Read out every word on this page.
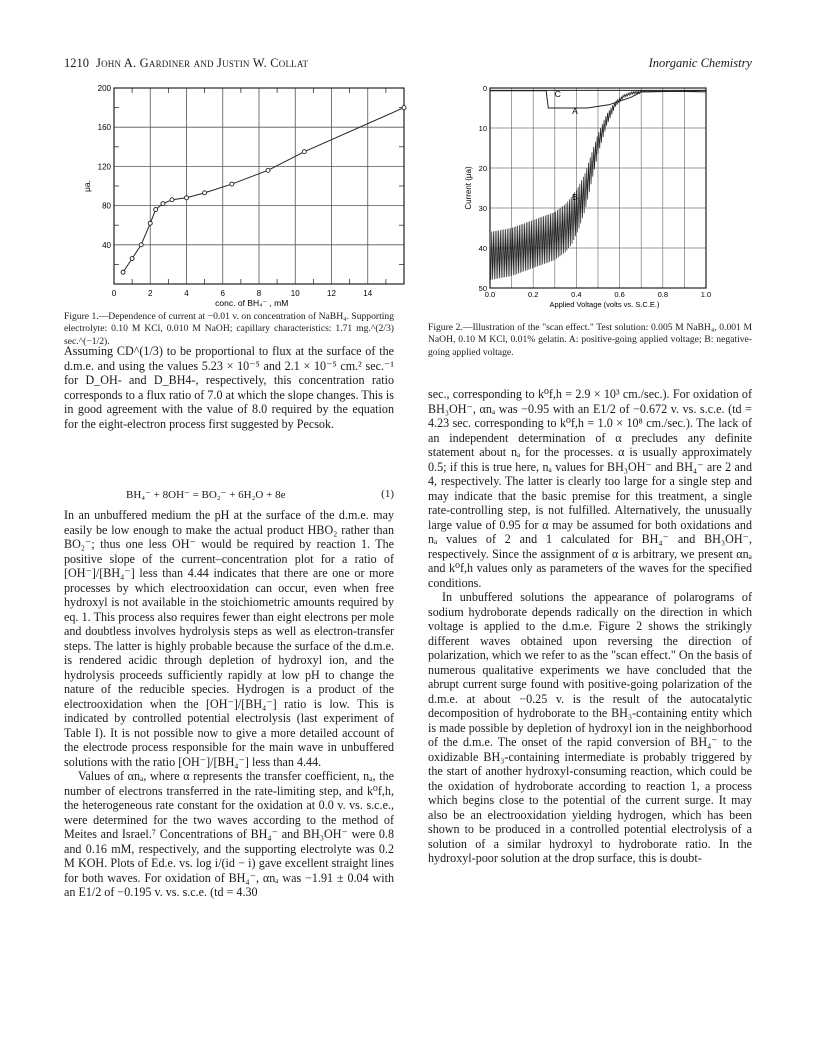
1210 John A. Gardiner and Justin W. Collat	Inorganic Chemistry
0	2	4	6	8	10	12	14
40
80
120
160
200
conc. of BH₄⁻ , mM
μa.
0.0	0.2	0.4	0.6	0.8	1.0
0
10
20
30
40
50
Applied Voltage (volts vs. S.C.E.)
Current (μa)
C
A
B
Figure 1.—Dependence of current at −0.01 v. on concentration of NaBH₄. Supporting electrolyte: 0.10 M KCl, 0.010 M NaOH; capillary characteristics: 1.71 mg.^(2/3) sec.^(−1/2).
Figure 2.—Illustration of the "scan effect." Test solution: 0.005 M NaBH₄, 0.001 M NaOH, 0.10 M KCl, 0.01% gelatin. A: positive-going applied voltage; B: negative-going applied voltage.

Assuming CD^(1/3) to be proportional to flux at the surface of the d.m.e. and using the values 5.23 × 10⁻⁵ and 2.1 × 10⁻⁵ cm.² sec.⁻¹ for D_OH- and D_BH4-, respectively, this concentration ratio corresponds to a flux ratio of 7.0 at which the slope changes. This is in good agreement with the value of 8.0 required by the equation for the eight-electron process first suggested by Pecsok.

BH₄⁻ + 8OH⁻ = BO₂⁻ + 6H₂O + 8e	(1)

In an unbuffered medium the pH at the surface of the d.m.e. may easily be low enough to make the actual product HBO₂ rather than BO₂⁻; thus one less OH⁻ would be required by reaction 1. The positive slope of the current–concentration plot for a ratio of [OH⁻]/[BH₄⁻] less than 4.44 indicates that there are one or more processes by which electrooxidation can occur, even when free hydroxyl is not available in the stoichiometric amounts required by eq. 1. This process also requires fewer than eight electrons per mole and doubtless involves hydrolysis steps as well as electron-transfer steps. The latter is highly probable because the surface of the d.m.e. is rendered acidic through depletion of hydroxyl ion, and the hydrolysis proceeds sufficiently rapidly at low pH to change the nature of the reducible species. Hydrogen is a product of the electrooxidation when the [OH⁻]/[BH₄⁻] ratio is low. This is indicated by controlled potential electrolysis (last experiment of Table I). It is not possible now to give a more detailed account of the electrode process responsible for the main wave in unbuffered solutions with the ratio [OH⁻]/[BH₄⁻] less than 4.44.

Values of αnₐ, where α represents the transfer coefficient, nₐ, the number of electrons transferred in the rate-limiting step, and k⁰f,h, the heterogeneous rate constant for the oxidation at 0.0 v. vs. s.c.e., were determined for the two waves according to the method of Meites and Israel.⁷ Concentrations of BH₄⁻ and BH₃OH⁻ were 0.8 and 0.16 mM, respectively, and the supporting electrolyte was 0.2 M KOH. Plots of Ed.e. vs. log i/(id − i) gave excellent straight lines for both waves. For oxidation of BH₄⁻, αnₐ was −1.91 ± 0.04 with an E1/2 of −0.195 v. vs. s.c.e. (td = 4.30

sec., corresponding to k⁰f,h = 2.9 × 10³ cm./sec.). For oxidation of BH₃OH⁻, αnₐ was −0.95 with an E1/2 of −0.672 v. vs. s.c.e. (td = 4.23 sec. corresponding to k⁰f,h = 1.0 × 10⁸ cm./sec.). The lack of an independent determination of α precludes any definite statement about nₐ for the processes. α is usually approximately 0.5; if this is true here, nₐ values for BH₃OH⁻ and BH₄⁻ are 2 and 4, respectively. The latter is clearly too large for a single step and may indicate that the basic premise for this treatment, a single rate-controlling step, is not fulfilled. Alternatively, the unusually large value of 0.95 for α may be assumed for both oxidations and nₐ values of 2 and 1 calculated for BH₄⁻ and BH₃OH⁻, respectively. Since the assignment of α is arbitrary, we present αnₐ and k⁰f,h values only as parameters of the waves for the specified conditions.

In unbuffered solutions the appearance of polarograms of sodium hydroborate depends radically on the direction in which voltage is applied to the d.m.e. Figure 2 shows the strikingly different waves obtained upon reversing the direction of polarization, which we refer to as the "scan effect." On the basis of numerous qualitative experiments we have concluded that the abrupt current surge found with positive-going polarization of the d.m.e. at about −0.25 v. is the result of the autocatalytic decomposition of hydroborate to the BH₃-containing entity which is made possible by depletion of hydroxyl ion in the neighborhood of the d.m.e. The onset of the rapid conversion of BH₄⁻ to the oxidizable BH₃-containing intermediate is probably triggered by the start of another hydroxyl-consuming reaction, which could be the oxidation of hydroborate according to reaction 1, a process which begins close to the potential of the current surge. It may also be an electrooxidation yielding hydrogen, which has been shown to be produced in a controlled potential electrolysis of a solution of a similar hydroxyl to hydroborate ratio. In the hydroxyl-poor solution at the drop surface, this is doubt-
